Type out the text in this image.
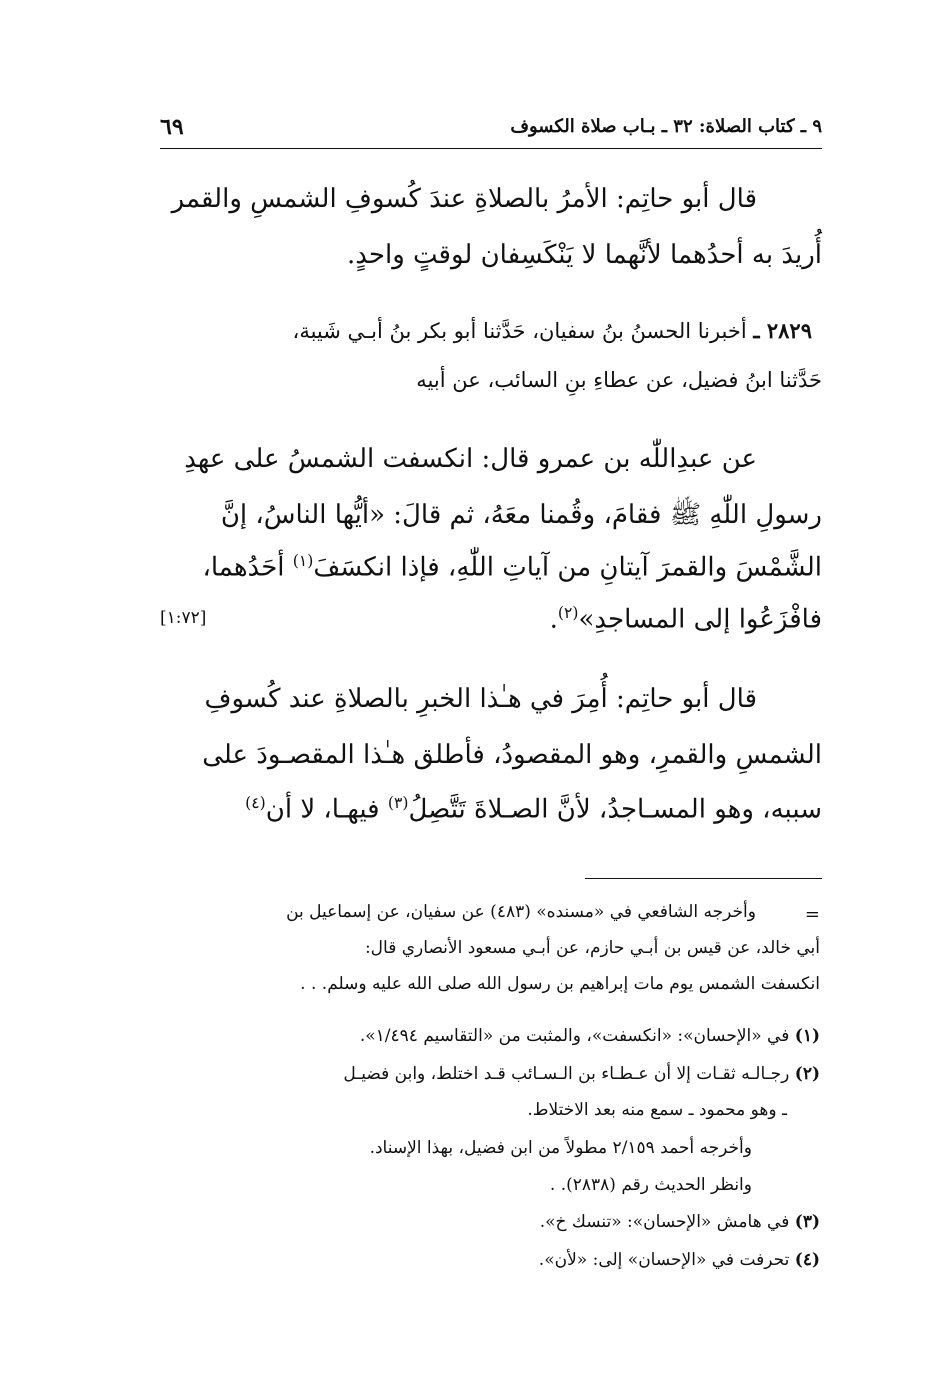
٩ ـ كتاب الصلاة: ٣٢ ـ بـاب صلاة الكسوف
٦٩
قال أبو حاتِم: الأمرُ بالصلاةِ عندَ كُسوفِ الشمسِ والقمر
أُريدَ به أحدُهما لأنَّهما لا يَنْكَسِفان لوقتٍ واحدٍ.
٢٨٢٩ ـ أخبرنا الحسنُ بنُ سفيان، حَدَّثنا أبو بكر بنُ أبـي شَيبة،
حَدَّثنا ابنُ فضيل، عن عطاءِ بنِ السائب، عن أبيه
عن عبدِاللّٰه بن عمرو قال: انكسفت الشمسُ على عهدِ
رسولِ اللّٰهِ ﷺ فقامَ، وقُمنا معَهُ، ثم قالَ: «أيُّها الناسُ، إنَّ
الشَّمْسَ والقمرَ آيتانِ من آياتِ اللّٰهِ، فإذا انكسَفَ$^{(١)}$ أحَدُهما،
فافْزَعُوا إلى المساجدِ»$^{(٢)}$.
[١:٧٢]
قال أبو حاتِم: أُمِرَ في هـٰذا الخبرِ بالصلاةِ عند كُسوفِ
الشمسِ والقمرِ، وهو المقصودُ، فأطلق هـٰذا المقصـودَ على
سببه، وهو المسـاجدُ، لأنَّ الصـلاةَ تَتَّصِلُ$^{(٣)}$ فيهـا، لا أن$^{(٤)}$
=
وأخرجه الشافعي في «مسنده» (٤٨٣) عن سفيان، عن إسماعيل بن
أبي خالد، عن قيس بن أبـي حازم، عن أبـي مسعود الأنصاري قال:
انكسفت الشمس يوم مات إبراهيم بن رسول الله صلى الله عليه وسلم. . .
(١) في «الإحسان»: «انكسفت»، والمثبت من «التقاسيم ١/٤٩٤».
(٢) رجـالـه ثقـات إلا أن عـطـاء بن الـسـائب قـد اختلط، وابن فضيـل
ـ وهو محمود ـ سمع منه بعد الاختلاط.
وأخرجه أحمد ٢/١٥٩ مطولاً من ابن فضيل، بهذا الإسناد.
وانظر الحديث رقم (٢٨٣٨). .
(٣) في هامش «الإحسان»: «تنسك خ».
(٤) تحرفت في «الإحسان» إلى: «لأن».
